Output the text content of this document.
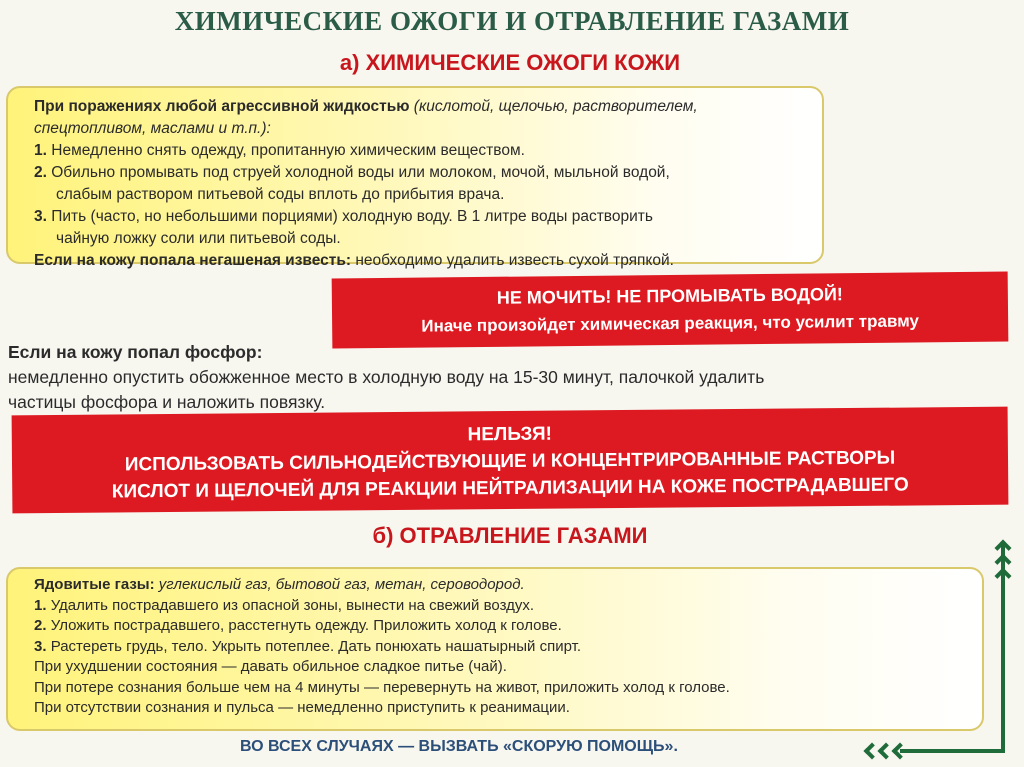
ХИМИЧЕСКИЕ ОЖОГИ И ОТРАВЛЕНИЕ ГАЗАМИ
а) ХИМИЧЕСКИЕ ОЖОГИ КОЖИ

При поражениях любой агрессивной жидкостью (кислотой, щелочью, растворителем, спецтопливом, маслами и т.п.):

1. Немедленно снять одежду, пропитанную химическим веществом.

2. Обильно промывать под струей холодной воды или молоком, мочой, мыльной водой,

слабым раствором питьевой соды вплоть до прибытия врача.

3. Пить (часто, но небольшими порциями) холодную воду. В 1 литре воды растворить

чайную ложку соли или питьевой соды.

Если на кожу попала негашеная известь: необходимо удалить известь сухой тряпкой.

НЕ МОЧИТЬ! НЕ ПРОМЫВАТЬ ВОДОЙ!
Иначе произойдет химическая реакция, что усилит травму
Если на кожу попал фосфор:
немедленно опустить обожженное место в холодную воду на 15-30 минут, палочкой удалить
частицы фосфора и наложить повязку.
НЕЛЬЗЯ!
ИСПОЛЬЗОВАТЬ СИЛЬНОДЕЙСТВУЮЩИЕ И КОНЦЕНТРИРОВАННЫЕ РАСТВОРЫ
КИСЛОТ И ЩЕЛОЧЕЙ ДЛЯ РЕАКЦИИ НЕЙТРАЛИЗАЦИИ НА КОЖЕ ПОСТРАДАВШЕГО
б) ОТРАВЛЕНИЕ ГАЗАМИ

Ядовитые газы: углекислый газ, бытовой газ, метан, сероводород.

1. Удалить пострадавшего из опасной зоны, вынести на свежий воздух.

2. Уложить пострадавшего, расстегнуть одежду. Приложить холод к голове.

3. Растереть грудь, тело. Укрыть потеплее. Дать понюхать нашатырный спирт.

При ухудшении состояния — давать обильное сладкое питье (чай).

При потере сознания больше чем на 4 минуты — перевернуть на живот, приложить холод к голове.

При отсутствии сознания и пульса — немедленно приступить к реанимации.

ВО ВСЕХ СЛУЧАЯХ — ВЫЗВАТЬ «СКОРУЮ ПОМОЩЬ».
